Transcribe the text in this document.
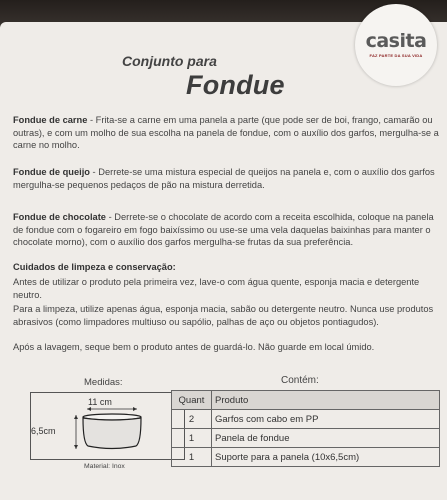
casita
FAZ PARTE DA SUA VIDA
Conjunto para
Fondue
Fondue de carne - Frita-se a carne em uma panela a parte (que pode ser de boi, frango, camarão ou outras), e com um molho de sua escolha na panela de fondue, com o auxílio dos garfos, mergulha-se a carne no molho.
Fondue de queijo - Derrete-se uma mistura especial de queijos na panela e, com o auxílio dos garfos mergulha-se pequenos pedaços de pão na mistura derretida.
Fondue de chocolate - Derrete-se o chocolate de acordo com a receita escolhida, coloque na panela de fondue com o fogareiro em fogo baixíssimo ou use-se uma vela daquelas baixinhas para manter o chocolate morno), com o auxílio dos garfos mergulha-se frutas da sua preferência.
Cuidados de limpeza e conservação:
Antes de utilizar o produto pela primeira vez, lave-o com água quente, esponja macia e detergente neutro.
Para a limpeza, utilize apenas água, esponja macia, sabão ou detergente neutro. Nunca use produtos abrasivos (como limpadores multiuso ou sapólio, palhas de aço ou objetos pontiagudos).
Após a lavagem, seque bem o produto antes de guardá-lo. Não guarde em local úmido.
Medidas:
11 cm
6,5cm
Material: Inox
Contém:
Quant	Produto
2	Garfos com cabo em PP
1	Panela de fondue
1	Suporte para a panela (10x6,5cm)
